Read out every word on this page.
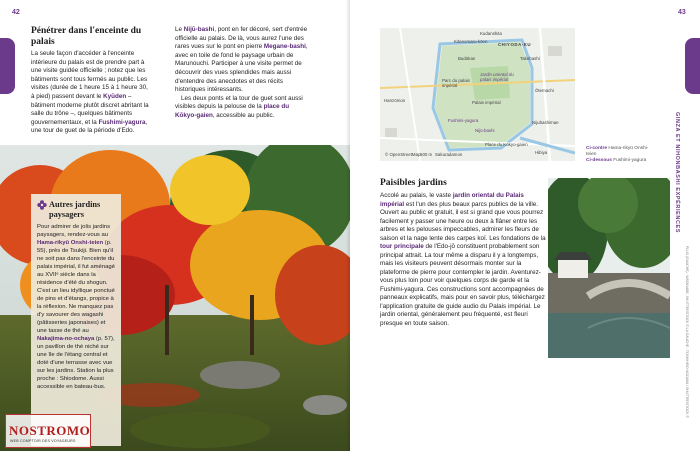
42
Pénétrer dans l'enceinte du palais

La seule façon d'accéder à l'enceinte intérieure du palais est de prendre part à une visite guidée officielle ; notez que les bâtiments sont tous fermés au public. Les visites (durée de 1 heure 15 à 1 heure 30, à pied) passent devant le Kyūden – bâtiment moderne plutôt discret abritant la salle du trône –, quelques bâtiments gouvernementaux, et la Fushimi-yagura, une tour de guet de la période d'Edo.

Le Nijū-bashi, pont en fer décoré, sert d'entrée officielle au palais. De là, vous aurez l'une des rares vues sur le pont en pierre Megane-bashi, avec en toile de fond le paysage urbain de Marunouchi. Participer à une visite permet de découvrir des vues splendides mais aussi d'entendre des anecdotes et des récits historiques intéressants.

Les deux ponts et la tour de guet sont aussi visibles depuis la pelouse de la place du Kōkyo-gaien, accessible au public.

Autres jardins paysagers

Pour admirer de jolis jardins paysagers, rendez-vous au Hama-rikyū Onshi-teien (p. 55), près de Tsukiji. Bien qu'il ne soit pas dans l'enceinte du palais impérial, il fut aménagé au XVIIᵉ siècle dans la résidence d'été du shogun. C'est un lieu idyllique ponctué de pins et d'étangs, propice à la réflexion. Ne manquez pas d'y savourer des wagashi (pâtisseries japonaises) et une tasse de thé au Nakajima-no-ochaya (p. 57), un pavillon de thé niché sur une île de l'étang central et doté d'une terrasse avec vue sur les jardins. Station la plus proche : Shiodome. Aussi accessible en bateau-bus.

NOSTROMO
WEB COMPTOIR DES VOYAGEURS
43
GINZA ET NIHONBASHI EXPÉRIENCES
PLUS (GAUCHE) : WATANABE, SHUTTERSTOCK © LA GAUCHE : TOSHIHIRO NOZAWA / SHUTTERSTOCK ©
Kitanomaru-kōen
Budōkan
Parc du palais impérial
Jardin oriental du palais impérial
Palais impérial
Fushimi-yagura
Nijū-bashi
Place du Kōkyo-gaien
Hanzōmon
Sakuradamon
Kudanshita
Takebashi
Ōtemachi
Nijubashimae
Hibiya
CHIYODA-KU
© OpenStreetMap 500 m
Ci-contre Hama-rikyū Onshi-teien
Ci-dessous Fushimi-yagura
Paisibles jardins

Accolé au palais, le vaste jardin oriental du Palais impérial est l'un des plus beaux parcs publics de la ville. Ouvert au public et gratuit, il est si grand que vous pourrez facilement y passer une heure ou deux à flâner entre les arbres et les pelouses impeccables, admirer les fleurs de saison et la nage lente des carpes koï. Les fondations de la tour principale de l'Edo-jō constituent probablement son principal attrait. La tour même a disparu il y a longtemps, mais les visiteurs peuvent désormais monter sur la plateforme de pierre pour contempler le jardin. Aventurez-vous plus loin pour voir quelques corps de garde et la Fushimi-yagura. Ces constructions sont accompagnées de panneaux explicatifs, mais pour en savoir plus, téléchargez l'application gratuite de guide audio du Palais impérial. Le jardin oriental, généralement peu fréquenté, est fleuri presque en toute saison.
